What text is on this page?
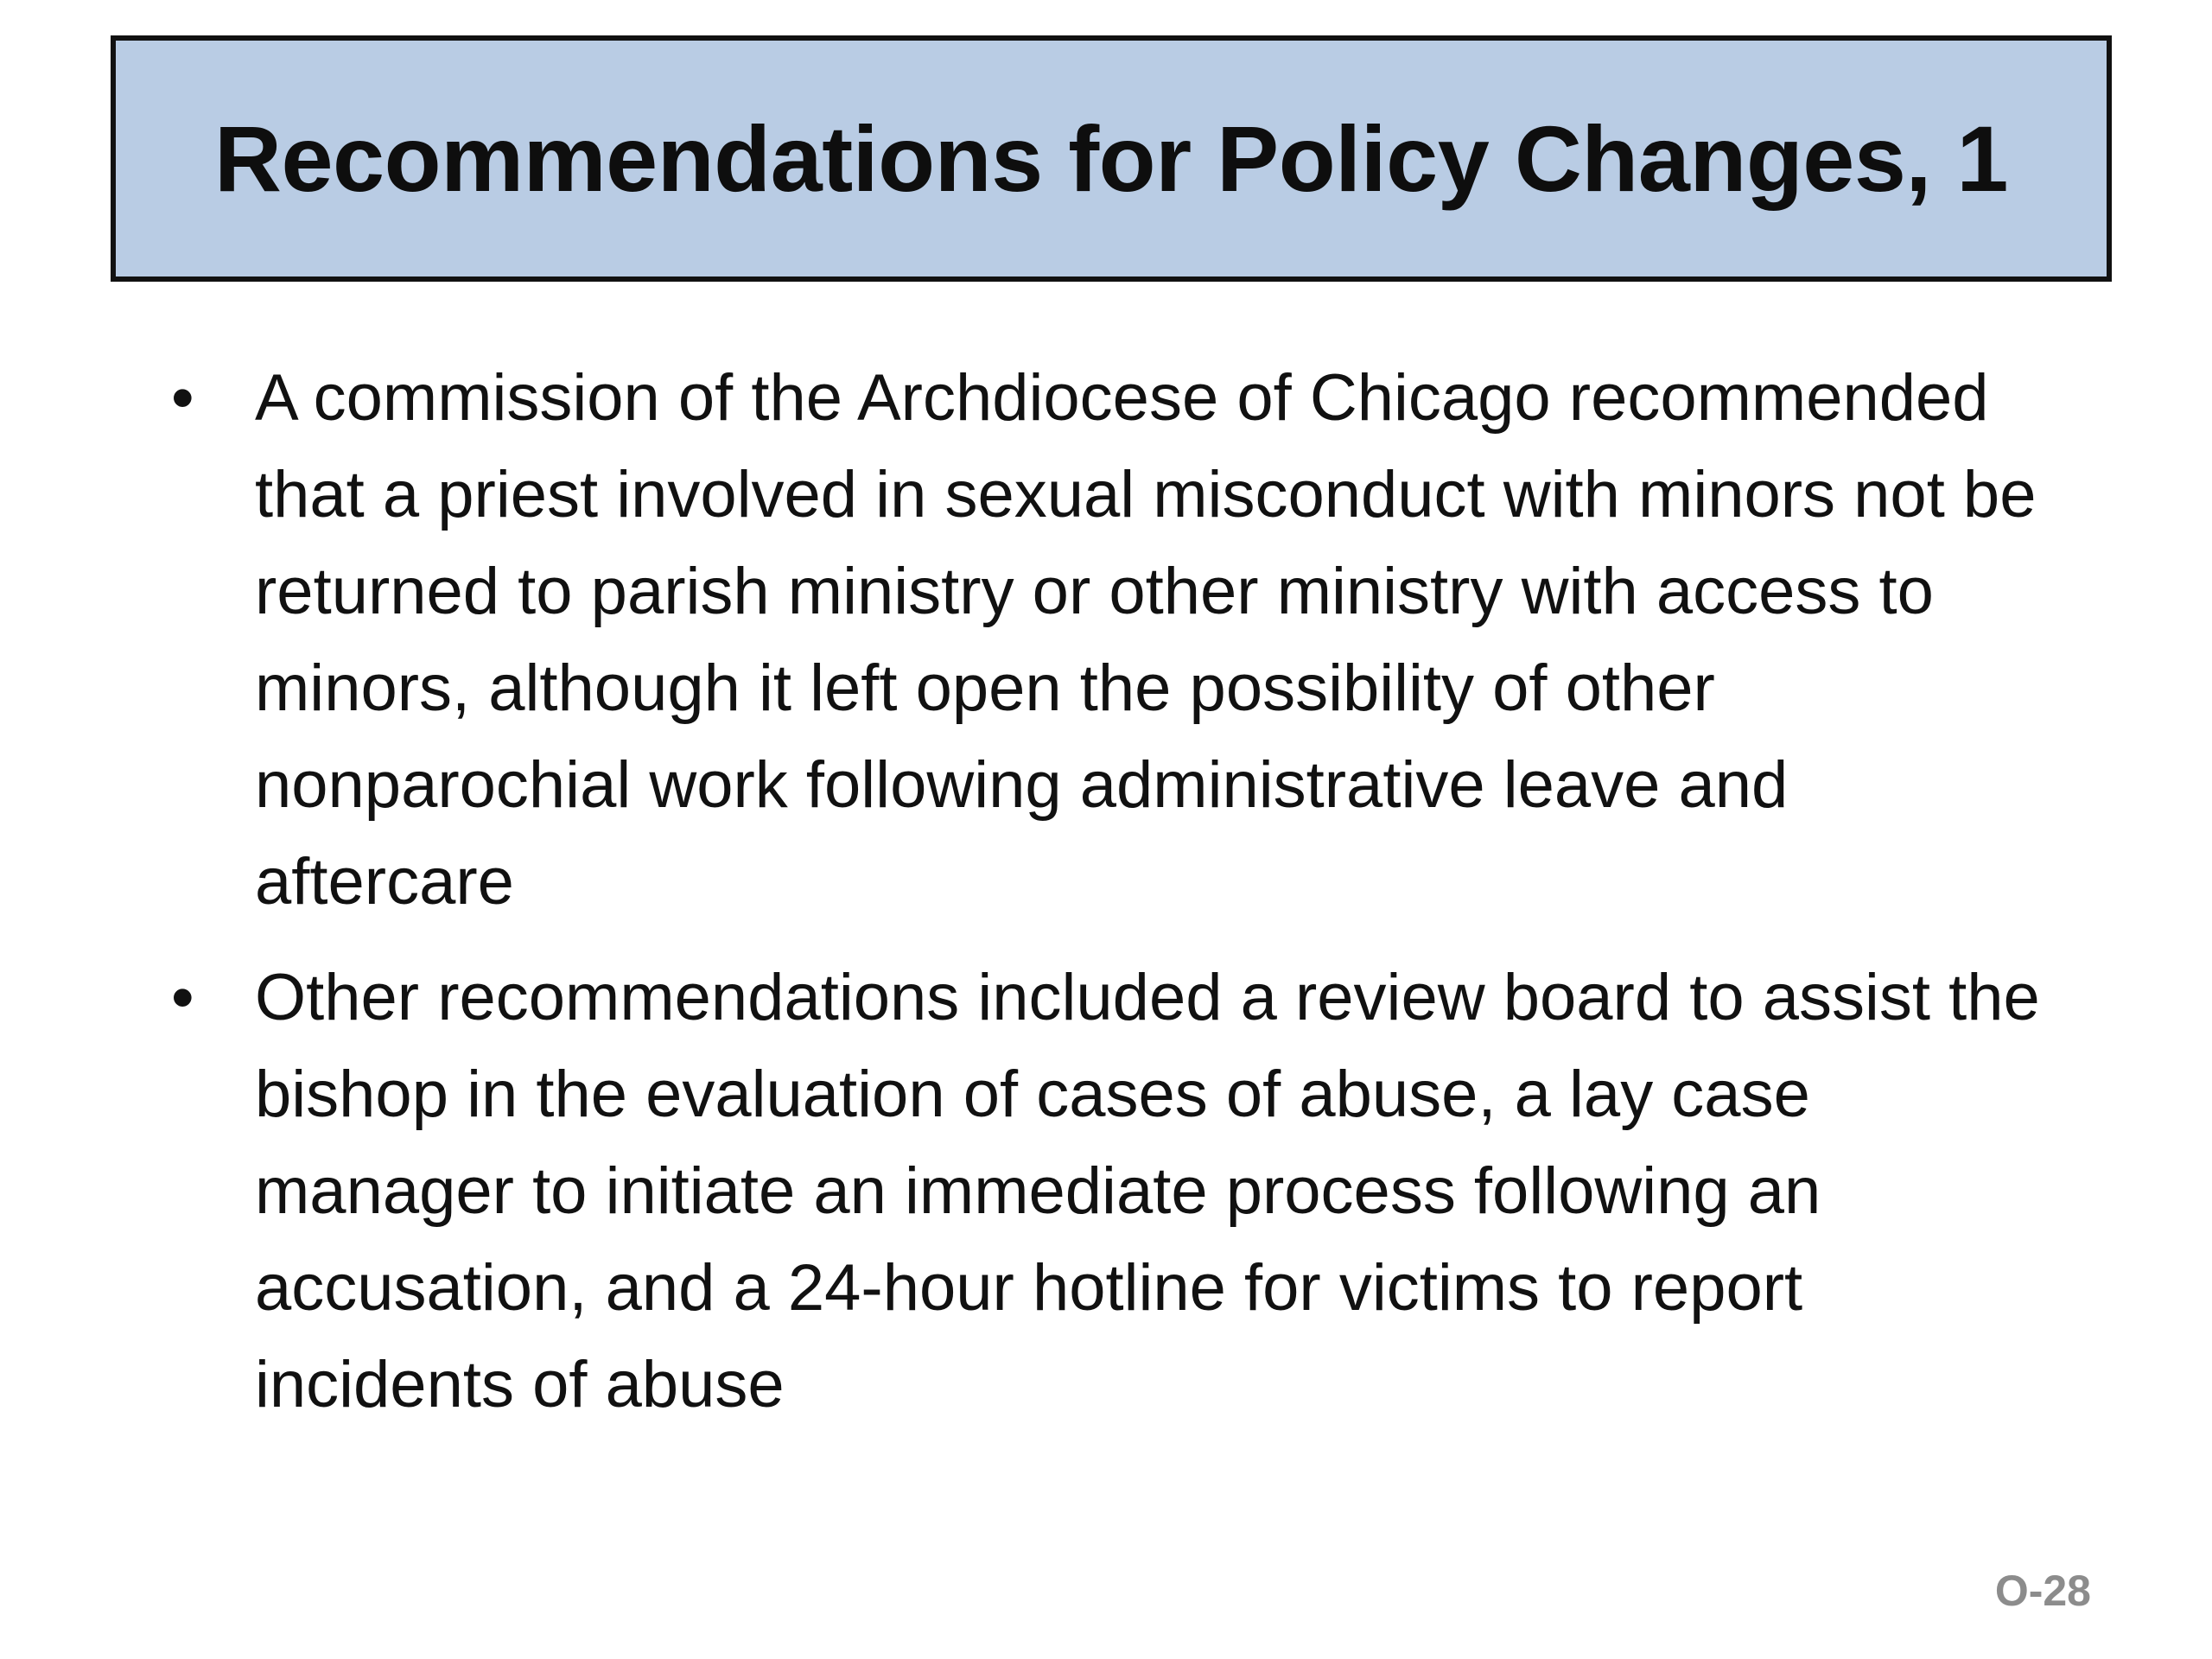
Recommendations for Policy Changes, 1
• A commission of the Archdiocese of Chicago recommended that a priest involved in sexual misconduct with minors not be returned to parish ministry or other ministry with access to minors, although it left open the possibility of other nonparochial work following administrative leave and aftercare
• Other recommendations included a review board to assist the bishop in the evaluation of cases of abuse, a lay case manager to initiate an immediate process following an accusation, and a 24-hour hotline for victims to report incidents of abuse
O-28
